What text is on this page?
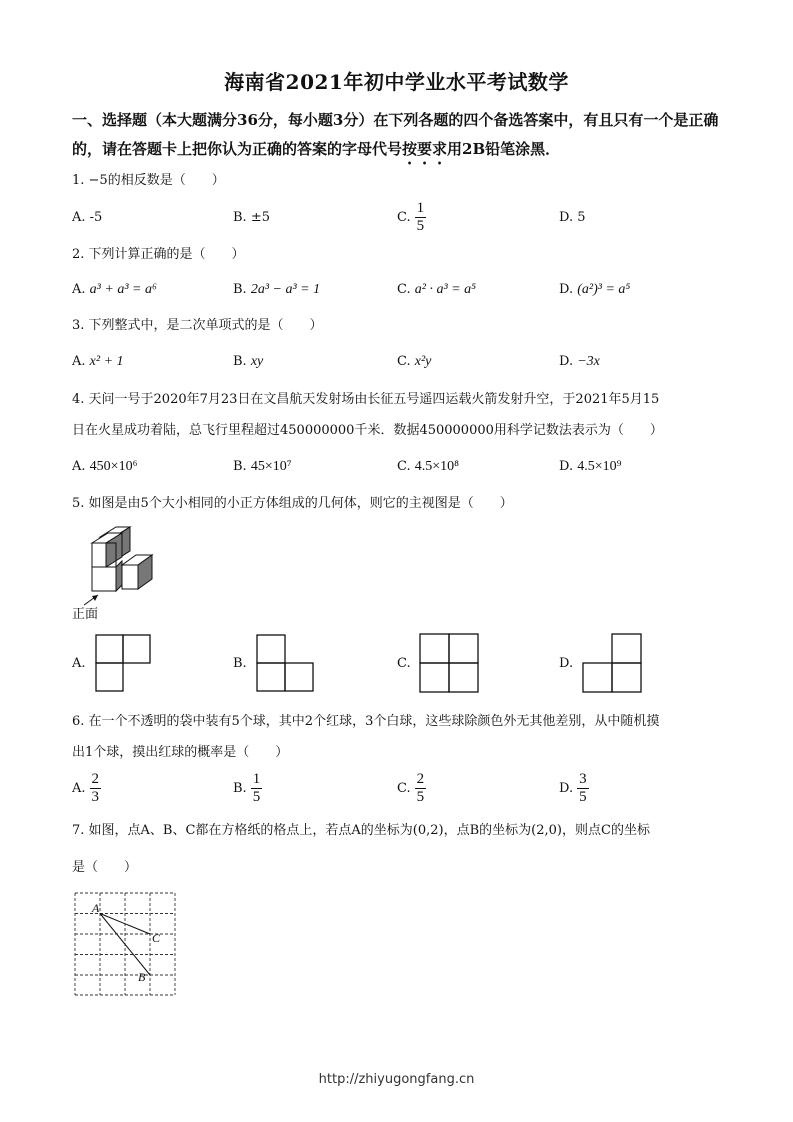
海南省2021年初中学业水平考试数学
一、选择题（本大题满分36分，每小题3分）在下列各题的四个备选答案中，有且只有一个是正确的，请在答题卡上把你认为正确的答案的字母代号按要求用2B铅笔涂黑．
1. −5的相反数是（　　）
A. -5	B. ±5	C. $\frac{1}{5}$	D. 5
2. 下列计算正确的是（　　）
A. a³ + a³ = a⁶	B. 2a³ − a³ = 1	C. a² · a³ = a⁵	D. (a²)³ = a⁵
3. 下列整式中，是二次单项式的是（　　）
A. x² + 1	B. xy	C. x²y	D. −3x
4. 天问一号于2020年7月23日在文昌航天发射场由长征五号遥四运载火箭发射升空，于2021年5月15
日在火星成功着陆，总飞行里程超过450000000千米．数据450000000用科学记数法表示为（　　）
A. 450×10⁶	B. 45×10⁷	C. 4.5×10⁸	D. 4.5×10⁹
5. 如图是由5个大小相同的小正方体组成的几何体，则它的主视图是（　　）
正面
A.	B.	C.	D.
6. 在一个不透明的袋中装有5个球，其中2个红球，3个白球，这些球除颜色外无其他差别，从中随机摸
出1个球，摸出红球的概率是（　　）
A. $\frac{2}{3}$	B. $\frac{1}{5}$	C. $\frac{2}{5}$	D. $\frac{3}{5}$
7. 如图，点A、B、C都在方格纸的格点上，若点A的坐标为(0,2)，点B的坐标为(2,0)，则点C的坐标
是（　　）
A
B
C
http://zhiyugongfang.cn
